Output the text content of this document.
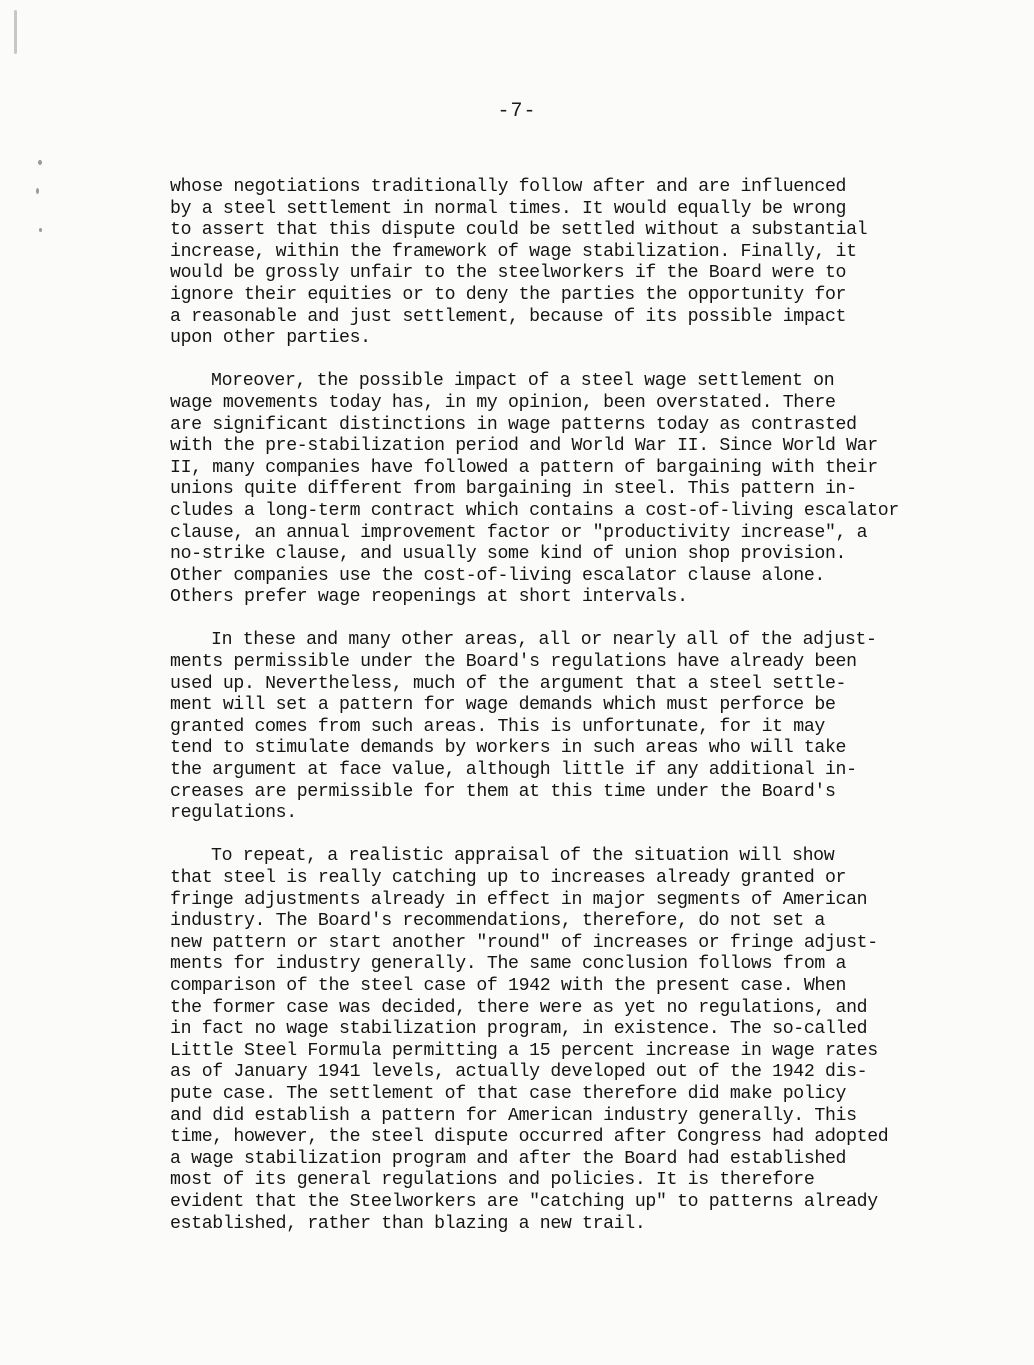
-7-
whose negotiations traditionally follow after and are influenced
by a steel settlement in normal times. It would equally be wrong
to assert that this dispute could be settled without a substantial
increase, within the framework of wage stabilization. Finally, it
would be grossly unfair to the steelworkers if the Board were to
ignore their equities or to deny the parties the opportunity for
a reasonable and just settlement, because of its possible impact
upon other parties.
Moreover, the possible impact of a steel wage settlement on
wage movements today has, in my opinion, been overstated. There
are significant distinctions in wage patterns today as contrasted
with the pre-stabilization period and World War II. Since World War
II, many companies have followed a pattern of bargaining with their
unions quite different from bargaining in steel. This pattern in-
cludes a long-term contract which contains a cost-of-living escalator
clause, an annual improvement factor or "productivity increase", a
no-strike clause, and usually some kind of union shop provision.
Other companies use the cost-of-living escalator clause alone.
Others prefer wage reopenings at short intervals.
In these and many other areas, all or nearly all of the adjust-
ments permissible under the Board's regulations have already been
used up. Nevertheless, much of the argument that a steel settle-
ment will set a pattern for wage demands which must perforce be
granted comes from such areas. This is unfortunate, for it may
tend to stimulate demands by workers in such areas who will take
the argument at face value, although little if any additional in-
creases are permissible for them at this time under the Board's
regulations.
To repeat, a realistic appraisal of the situation will show
that steel is really catching up to increases already granted or
fringe adjustments already in effect in major segments of American
industry. The Board's recommendations, therefore, do not set a
new pattern or start another "round" of increases or fringe adjust-
ments for industry generally. The same conclusion follows from a
comparison of the steel case of 1942 with the present case. When
the former case was decided, there were as yet no regulations, and
in fact no wage stabilization program, in existence. The so-called
Little Steel Formula permitting a 15 percent increase in wage rates
as of January 1941 levels, actually developed out of the 1942 dis-
pute case. The settlement of that case therefore did make policy
and did establish a pattern for American industry generally. This
time, however, the steel dispute occurred after Congress had adopted
a wage stabilization program and after the Board had established
most of its general regulations and policies. It is therefore
evident that the Steelworkers are "catching up" to patterns already
established, rather than blazing a new trail.
